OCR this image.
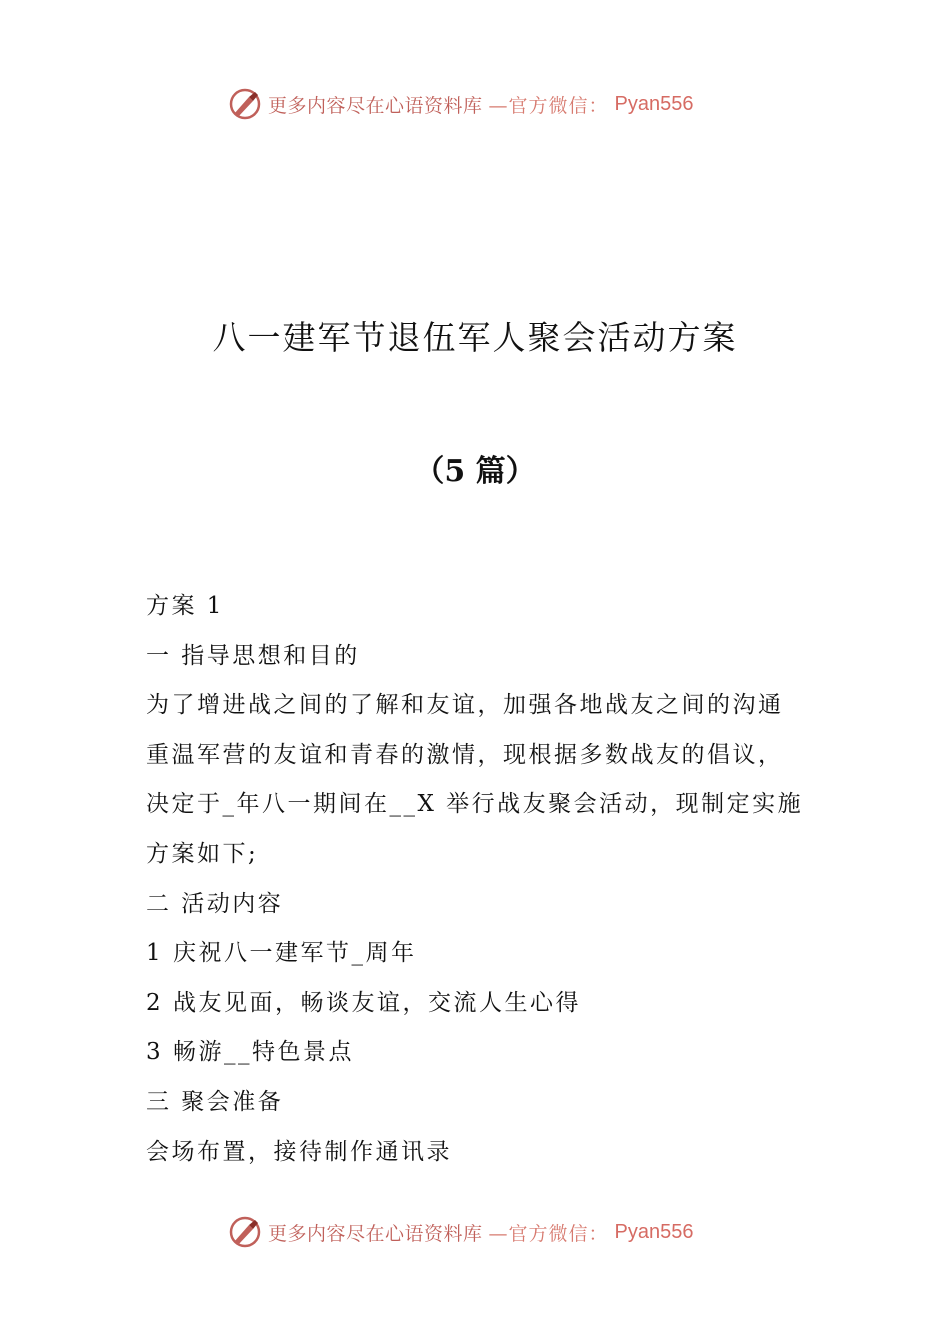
更多内容尽在心语资料库 —官方微信： Pyan556
八一建军节退伍军人聚会活动方案
（5 篇）
方案 1
一 指导思想和目的
为了增进战之间的了解和友谊，加强各地战友之间的沟通
重温军营的友谊和青春的激情，现根据多数战友的倡议，
决定于_年八一期间在__X 举行战友聚会活动，现制定实施
方案如下;
二 活动内容
1 庆祝八一建军节_周年
2 战友见面，畅谈友谊，交流人生心得
3 畅游__特色景点
三 聚会准备
会场布置，接待制作通讯录
更多内容尽在心语资料库 —官方微信： Pyan556
